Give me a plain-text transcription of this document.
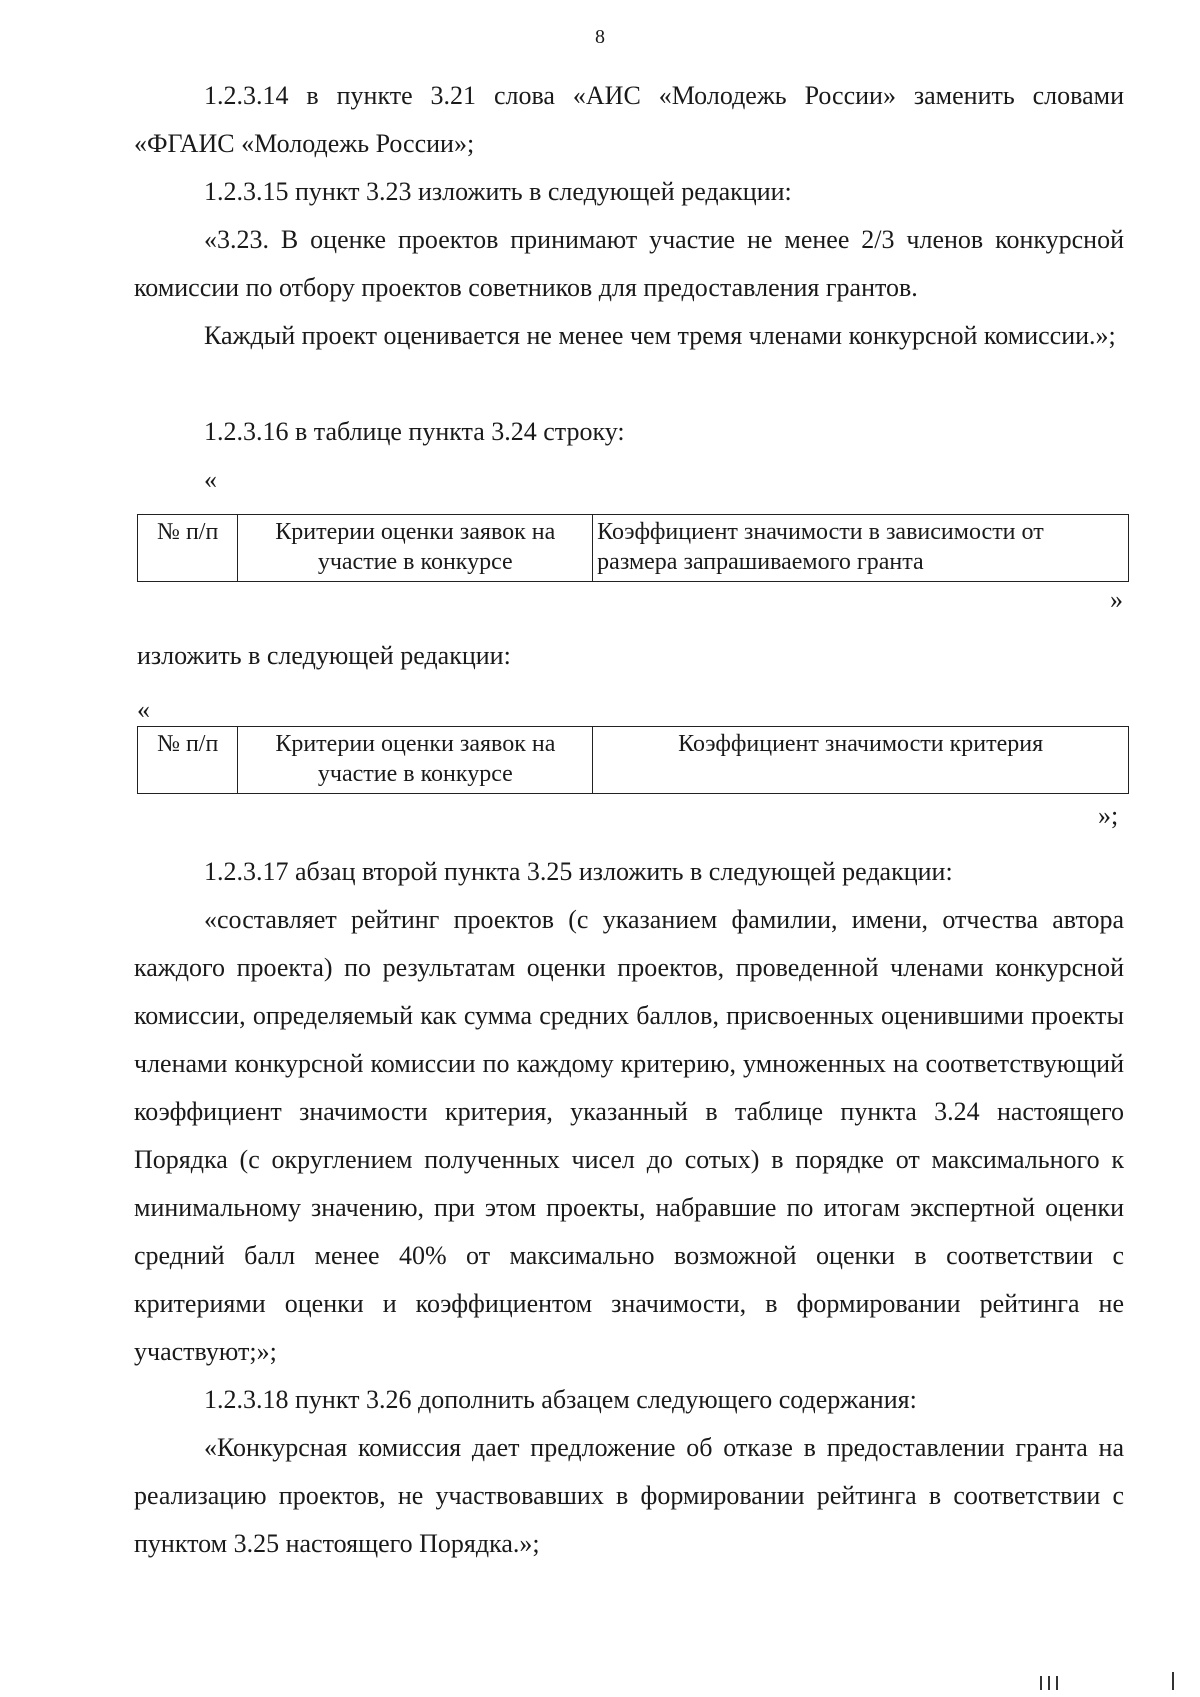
8
1.2.3.14 в пункте 3.21 слова «АИС «Молодежь России» заменить словами «ФГАИС «Молодежь России»;
1.2.3.15 пункт 3.23 изложить в следующей редакции:
«3.23. В оценке проектов принимают участие не менее 2/3 членов конкурсной комиссии по отбору проектов советников для предоставления грантов.
Каждый проект оценивается не менее чем тремя членами конкурсной комиссии.»;
1.2.3.16 в таблице пункта 3.24 строку:
«
№ п/п	Критерии оценки заявок на участие в конкурсе	Коэффициент значимости в зависимости от размера запрашиваемого гранта
»
изложить в следующей редакции:
«
№ п/п	Критерии оценки заявок на участие в конкурсе	Коэффициент значимости критерия
»;
1.2.3.17 абзац второй пункта 3.25 изложить в следующей редакции:
«составляет рейтинг проектов (с указанием фамилии, имени, отчества автора каждого проекта) по результатам оценки проектов, проведенной членами конкурсной комиссии, определяемый как сумма средних баллов, присвоенных оценившими проекты членами конкурсной комиссии по каждому критерию, умноженных на соответствующий коэффициент значимости критерия, указанный в таблице пункта 3.24 настоящего Порядка (с округлением полученных чисел до сотых) в порядке от максимального к минимальному значению, при этом проекты, набравшие по итогам экспертной оценки средний балл менее 40% от максимально возможной оценки в соответствии с критериями оценки и коэффициентом значимости, в формировании рейтинга не участвуют;»;
1.2.3.18 пункт 3.26 дополнить абзацем следующего содержания:
«Конкурсная комиссия дает предложение об отказе в предоставлении гранта на реализацию проектов, не участвовавших в формировании рейтинга в соответствии с пунктом 3.25 настоящего Порядка.»;
